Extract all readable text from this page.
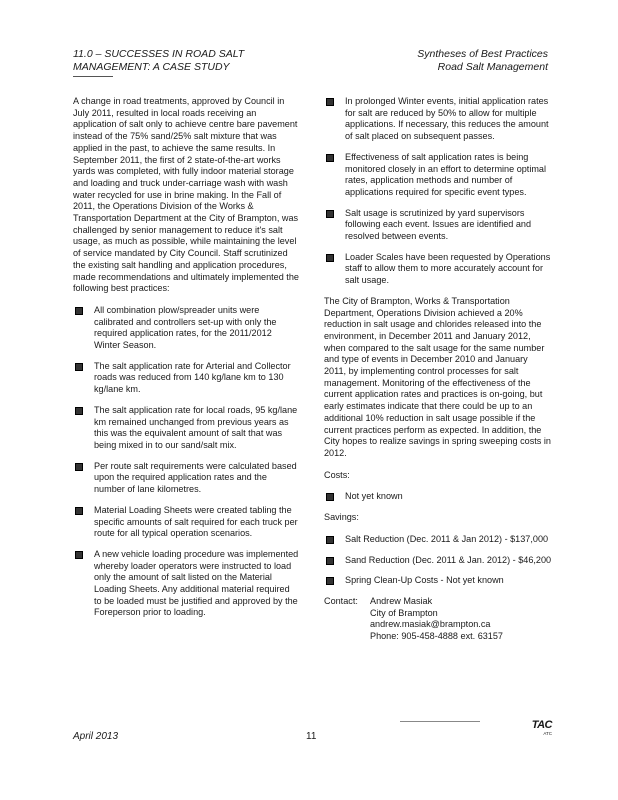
11.0 – SUCCESSES IN ROAD SALT
MANAGEMENT: A CASE STUDY
Syntheses of Best Practices
Road Salt Management

A change in road treatments, approved by Council in July 2011, resulted in local roads receiving an application of salt only to achieve centre bare pavement instead of the 75% sand/25% salt mixture that was applied in the past, to achieve the same results. In September 2011, the first of 2 state-of-the-art works yards was completed, with fully indoor material storage and loading and truck under-carriage wash with wash water recycled for use in brine making. In the Fall of 2011, the Operations Division of the Works & Transportation Department at the City of Brampton, was challenged by senior management to reduce it's salt usage, as much as possible, while maintaining the level of service mandated by City Council. Staff scrutinized the existing salt handling and application procedures, made recommendations and ultimately implemented the following best practices:

All combination plow/spreader units were calibrated and controllers set-up with only the required application rates, for the 2011/2012 Winter Season.
The salt application rate for Arterial and Collector roads was reduced from 140 kg/lane km to 130 kg/lane km.
The salt application rate for local roads, 95 kg/lane km remained unchanged from previous years as this was the equivalent amount of salt that was being mixed in to our sand/salt mix.
Per route salt requirements were calculated based upon the required application rates and the number of lane kilometres.
Material Loading Sheets were created tabling the specific amounts of salt required for each truck per route for all typical operation scenarios.
A new vehicle loading procedure was implemented whereby loader operators were instructed to load only the amount of salt listed on the Material Loading Sheets. Any additional material required to be loaded must be justified and approved by the Foreperson prior to loading.
In prolonged Winter events, initial application rates for salt are reduced by 50% to allow for multiple applications. If necessary, this reduces the amount of salt placed on subsequent passes.
Effectiveness of salt application rates is being monitored closely in an effort to determine optimal rates, application methods and number of applications required for specific event types.
Salt usage is scrutinized by yard supervisors following each event. Issues are identified and resolved between events.
Loader Scales have been requested by Operations staff to allow them to more accurately account for salt usage.

The City of Brampton, Works & Transportation Department, Operations Division achieved a 20% reduction in salt usage and chlorides released into the environment, in December 2011 and January 2012, when compared to the salt usage for the same number and type of events in December 2010 and January 2011, by implementing control processes for salt management. Monitoring of the effectiveness of the current application rates and practices is on-going, but early estimates indicate that there could be up to an additional 10% reduction in salt usage possible if the current practices perform as expected. In addition, the City hopes to realize savings in spring sweeping costs in 2012.

Costs:

Not yet known

Savings:

Salt Reduction (Dec. 2011 & Jan 2012) - $137,000
Sand Reduction (Dec. 2011 & Jan. 2012) - $46,200
Spring Clean-Up Costs - Not yet known
Contact:	Andrew Masiak
City of Brampton
andrew.masiak@brampton.ca
Phone: 905-458-4888 ext. 63157
April 2013	11
TAC
ATC
